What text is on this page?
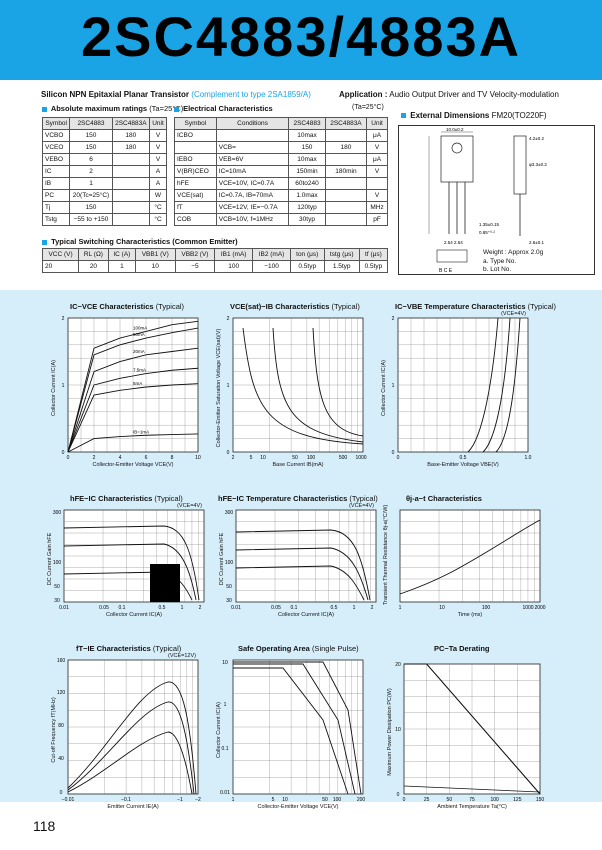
2SC4883/4883A
Silicon NPN Epitaxial Planar Transistor (Complement to type 2SA1859/A)	Application : Audio Output Driver and TV Velocity-modulation
Absolute maximum ratings (Ta=25°C)
Symbol	2SC4883	2SC4883A	Unit
VCBO	150	180	V
VCEO	150	180	V
VEBO	6		V
IC	2		A
IB	1		A
PC	20(Tc=25°C)		W
Tj	150		°C
Tstg	−55 to +150		°C
Electrical Characteristics	(Ta=25°C)
Symbol	Conditions	2SC4883	2SC4883A	Unit
ICBO		10max		μA
	VCB=	150	180	V
IEBO	VEB=6V	10max		μA
V(BR)CEO	IC=10mA	150min	180min	V
hFE	VCE=10V, IC=0.7A	60to240		
VCE(sat)	IC=0.7A, IB=70mA	1.0max		V
fT	VCE=12V, IE=−0.7A	120typ		MHz
COB	VCB=10V, f=1MHz	30typ		pF
Typical Switching Characteristics (Common Emitter)
VCC (V)	RL (Ω)	IC (A)	VBB1 (V)	VBB2 (V)	IB1 (mA)	IB2 (mA)	ton (μs)	tstg (μs)	tf (μs)
20	20	1	10	−5	100	−100	0.5typ	1.5typ	0.5typ
External Dimensions FM20(TO220F)
10.0±0.2
4.2±0.2
φ3.3±0.2
1.35±0.15
0.85⁺⁰·²
2.54 2.54	2.6±0.1
B C E
Weight : Approx 2.0g
a. Type No.
b. Lot No.
IC−VCE Characteristics (Typical)	VCE(sat)−IB Characteristics (Typical)	IC−VBE Temperature Characteristics (Typical)
hFE−IC Characteristics (Typical)	hFE−IC Temperature Characteristics (Typical)	θj-a−t Characteristics
fT−IE Characteristics (Typical)	Safe Operating Area (Single Pulse)	PC−Ta Derating
100mA
60mA
20mA
7.5mA
5mA
IB=1mA
0	2	4	6	8	10
0
1
2
Collector-Emitter Voltage VCE(V)
Collector Current IC(A)
2	5 10	50 100	500 1000
0
1
2
Base Current IB(mA)
Collector-Emitter Saturation Voltage VCE(sat)(V)
0	0.5	1.0
0
1
2
Base-Emitter Voltage VBE(V)
Collector Current IC(A)
(VCE=4V)
0.01	0.05 0.1	0.5	1	2
30
50
100
300
Collector Current IC(A)
DC Current Gain hFE
(VCE=4V)
0.01	0.05 0.1	0.5	1	2
30
50
100
300
Collector Current IC(A)
DC Current Gain hFE
(VCE=4V)
1	10	100	1000 2000
Time (ms)
Transient Thermal Resistance θj-a(°C/W)
−0.01	−0.1	−1 −2
0
40
80
120
160
Emitter Current IE(A)
Cut-off Frequency fT(MHz)
(VCE=12V)
1	5 10	50 100	200
0.01
0.1
1
10
Collector-Emitter Voltage VCE(V)
Collector Current IC(A)
0	25	50	75	100	125	150
0
10
20
Ambient Temperature Ta(°C)
Maximum Power Dissipation PC(W)
118
